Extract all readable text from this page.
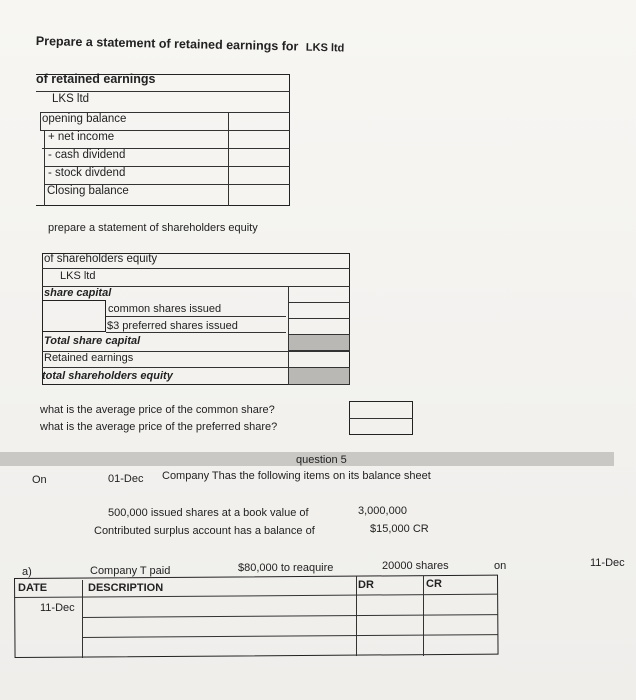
Prepare a statement of retained earnings for LKS ltd
of retained earnings
LKS ltd
opening balance
+ net income
- cash dividend
- stock divdend
Closing balance
prepare a statement of shareholders equity
of shareholders equity
LKS ltd
share capital
common shares issued
$3 preferred shares issued
Total share capital
Retained earnings
total shareholders equity
what is the average price of the common share?
what is the average price of the preferred share?
question 5
On	01-Dec Company Thas the following items on its balance sheet
500,000 issued shares at a book value of	3,000,000
Contributed surplus account has a balance of	$15,000 CR
a)	Company T paid	$80,000 to reaquire	20000 shares	on	11-Dec
DATE	DESCRIPTION	DR	CR
11-Dec
